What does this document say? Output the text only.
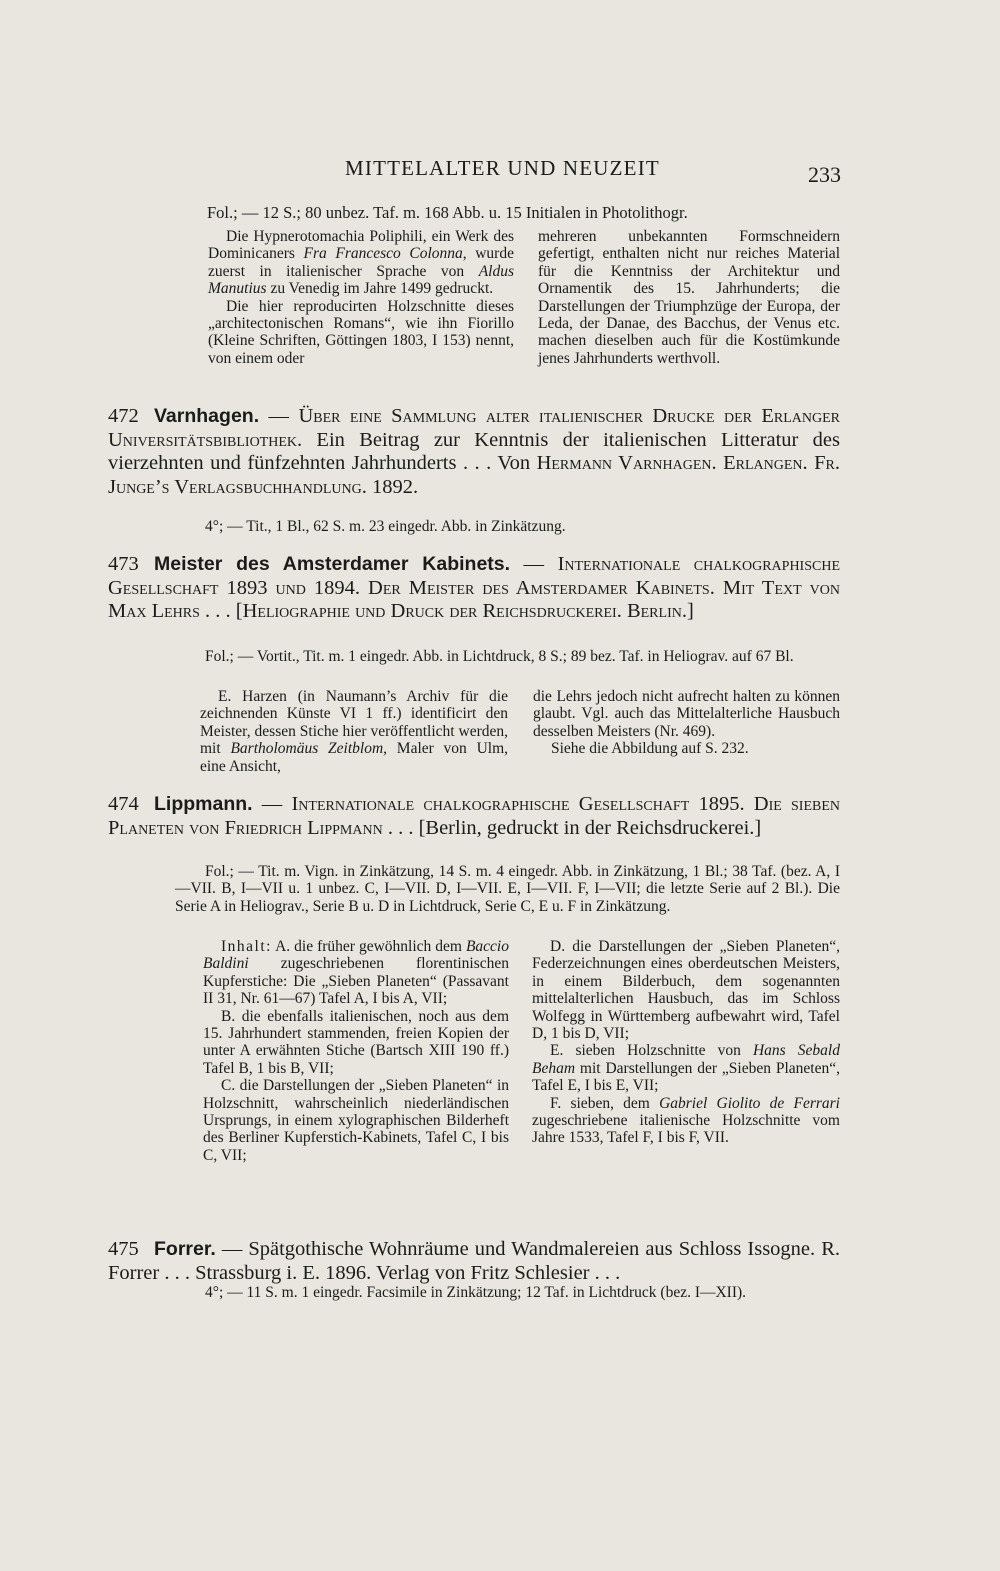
MITTELALTER UND NEUZEIT	233
Fol.; — 12 S.; 80 unbez. Taf. m. 168 Abb. u. 15 Initialen in Photolithogr.

Die Hypnerotomachia Poliphili, ein Werk des Dominicaners Fra Francesco Colonna, wurde zuerst in italienischer Sprache von Aldus Manutius zu Venedig im Jahre 1499 gedruckt.

Die hier reproducirten Holzschnitte dieses „architectonischen Romans“, wie ihn Fiorillo (Kleine Schriften, Göttingen 1803, I 153) nennt, von einem oder

mehreren unbekannten Formschneidern gefertigt, enthalten nicht nur reiches Material für die Kenntniss der Architektur und Ornamentik des 15. Jahrhunderts; die Darstellungen der Triumphzüge der Europa, der Leda, der Danae, des Bacchus, der Venus etc. machen dieselben auch für die Kostümkunde jenes Jahrhunderts werthvoll.

472 Varnhagen. — Über eine Sammlung alter italienischer Drucke der Erlanger Universitätsbibliothek. Ein Beitrag zur Kenntnis der italienischen Litteratur des vierzehnten und fünfzehnten Jahrhunderts . . . Von Hermann Varnhagen. Erlangen. Fr. Junge’s Verlagsbuchhandlung. 1892.

4°; — Tit., 1 Bl., 62 S. m. 23 eingedr. Abb. in Zinkätzung.

473 Meister des Amsterdamer Kabinets. — Internationale chalkographische Gesellschaft 1893 und 1894. Der Meister des Amsterdamer Kabinets. Mit Text von Max Lehrs . . . [Heliographie und Druck der Reichsdruckerei. Berlin.]

Fol.; — Vortit., Tit. m. 1 eingedr. Abb. in Lichtdruck, 8 S.; 89 bez. Taf. in Heliograv. auf 67 Bl.

E. Harzen (in Naumann’s Archiv für die zeichnenden Künste VI 1 ff.) identificirt den Meister, dessen Stiche hier veröffentlicht werden, mit Bartholomäus Zeitblom, Maler von Ulm, eine Ansicht,

die Lehrs jedoch nicht aufrecht halten zu können glaubt. Vgl. auch das Mittelalterliche Hausbuch desselben Meisters (Nr. 469).

Siehe die Abbildung auf S. 232.

474 Lippmann. — Internationale chalkographische Gesellschaft 1895. Die sieben Planeten von Friedrich Lippmann . . . [Berlin, gedruckt in der Reichsdruckerei.]

Fol.; — Tit. m. Vign. in Zinkätzung, 14 S. m. 4 eingedr. Abb. in Zinkätzung, 1 Bl.; 38 Taf. (bez. A, I—VII. B, I—VII u. 1 unbez. C, I—VII. D, I—VII. E, I—VII. F, I—VII; die letzte Serie auf 2 Bl.). Die Serie A in Heliograv., Serie B u. D in Lichtdruck, Serie C, E u. F in Zinkätzung.

Inhalt: A. die früher gewöhnlich dem Baccio Baldini zugeschriebenen florentinischen Kupferstiche: Die „Sieben Planeten“ (Passavant II 31, Nr. 61—67) Tafel A, I bis A, VII;

B. die ebenfalls italienischen, noch aus dem 15. Jahrhundert stammenden, freien Kopien der unter A erwähnten Stiche (Bartsch XIII 190 ff.) Tafel B, 1 bis B, VII;

C. die Darstellungen der „Sieben Planeten“ in Holzschnitt, wahrscheinlich niederländischen Ursprungs, in einem xylographischen Bilderheft des Berliner Kupferstich-Kabinets, Tafel C, I bis C, VII;

D. die Darstellungen der „Sieben Planeten“, Federzeichnungen eines oberdeutschen Meisters, in einem Bilderbuch, dem sogenannten mittelalterlichen Hausbuch, das im Schloss Wolfegg in Württemberg aufbewahrt wird, Tafel D, 1 bis D, VII;

E. sieben Holzschnitte von Hans Sebald Beham mit Darstellungen der „Sieben Planeten“, Tafel E, I bis E, VII;

F. sieben, dem Gabriel Giolito de Ferrari zugeschriebene italienische Holzschnitte vom Jahre 1533, Tafel F, I bis F, VII.

475 Forrer. — Spätgothische Wohnräume und Wandmalereien aus Schloss Issogne. R. Forrer . . . Strassburg i. E. 1896. Verlag von Fritz Schlesier . . .

4°; — 11 S. m. 1 eingedr. Facsimile in Zinkätzung; 12 Taf. in Lichtdruck (bez. I—XII).
